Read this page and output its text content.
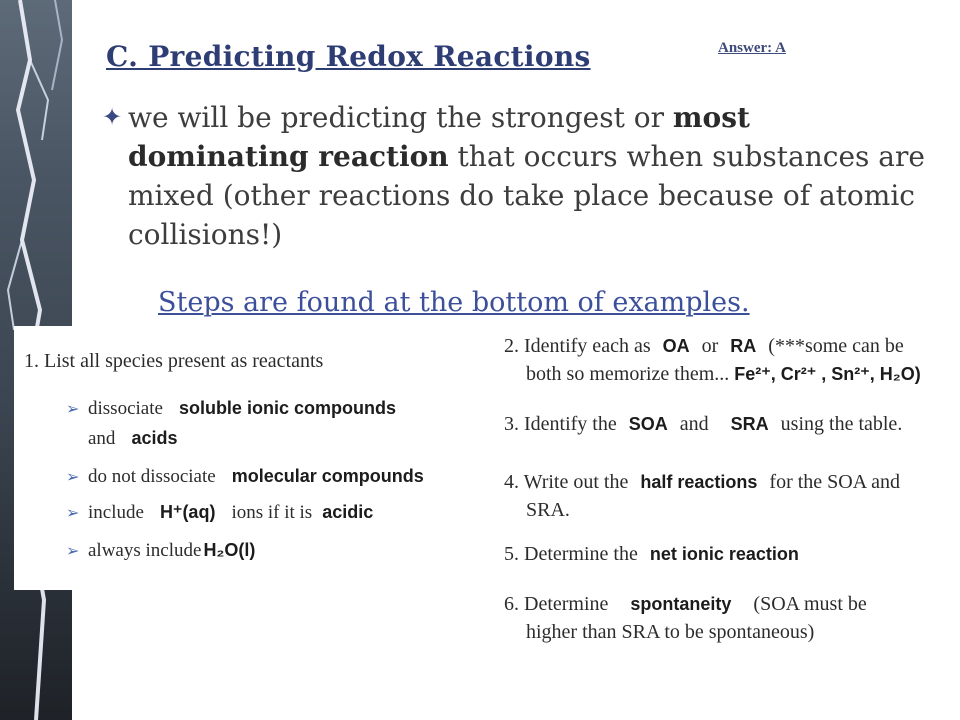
C. Predicting Redox Reactions	Answer: A
✦ we will be predicting the strongest or most dominating reaction that occurs when substances are mixed (other reactions do take place because of atomic collisions!)
Steps are found at the bottom of examples.
1. List all species present as reactants
➢ dissociate soluble ionic compounds
and acids
➢ do not dissociate molecular compounds
➢ include H⁺(aq) ions if it is acidic
➢ always include H₂O(l)
2. Identify each as OA or RA (***some can be
both so memorize them... Fe²⁺, Cr²⁺ , Sn²⁺, H₂O)
3. Identify the SOA and SRA using the table.
4. Write out the half reactions for the SOA and
SRA.
5. Determine the net ionic reaction
6. Determine spontaneity (SOA must be
higher than SRA to be spontaneous)
